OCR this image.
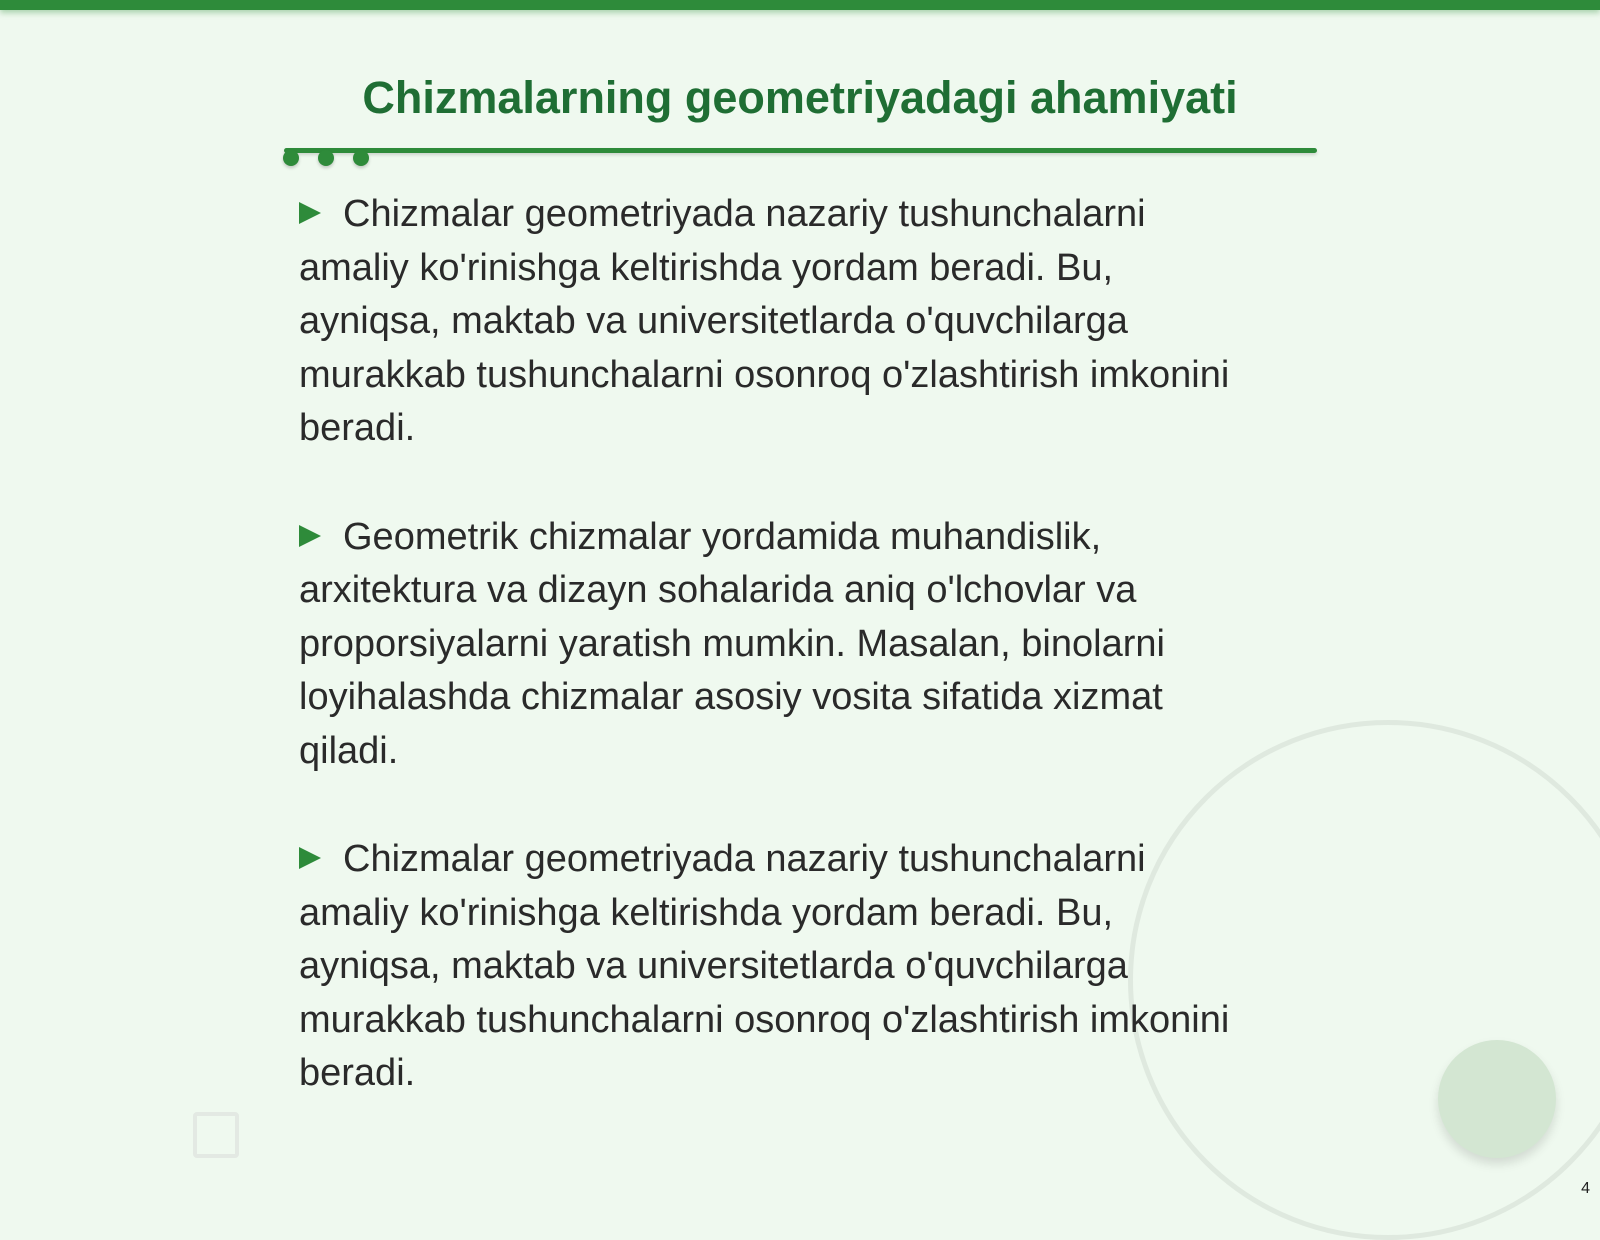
Chizmalarning geometriyadagi ahamiyati

Chizmalar geometriyada nazariy tushunchalarni amaliy ko'rinishga keltirishda yordam beradi. Bu, ayniqsa, maktab va universitetlarda o'quvchilarga murakkab tushunchalarni osonroq o'zlashtirish imkonini beradi.

Geometrik chizmalar yordamida muhandislik, arxitektura va dizayn sohalarida aniq o'lchovlar va proporsiyalarni yaratish mumkin. Masalan, binolarni loyihalashda chizmalar asosiy vosita sifatida xizmat qiladi.

Chizmalar geometriyada nazariy tushunchalarni amaliy ko'rinishga keltirishda yordam beradi. Bu, ayniqsa, maktab va universitetlarda o'quvchilarga murakkab tushunchalarni osonroq o'zlashtirish imkonini beradi.

4
